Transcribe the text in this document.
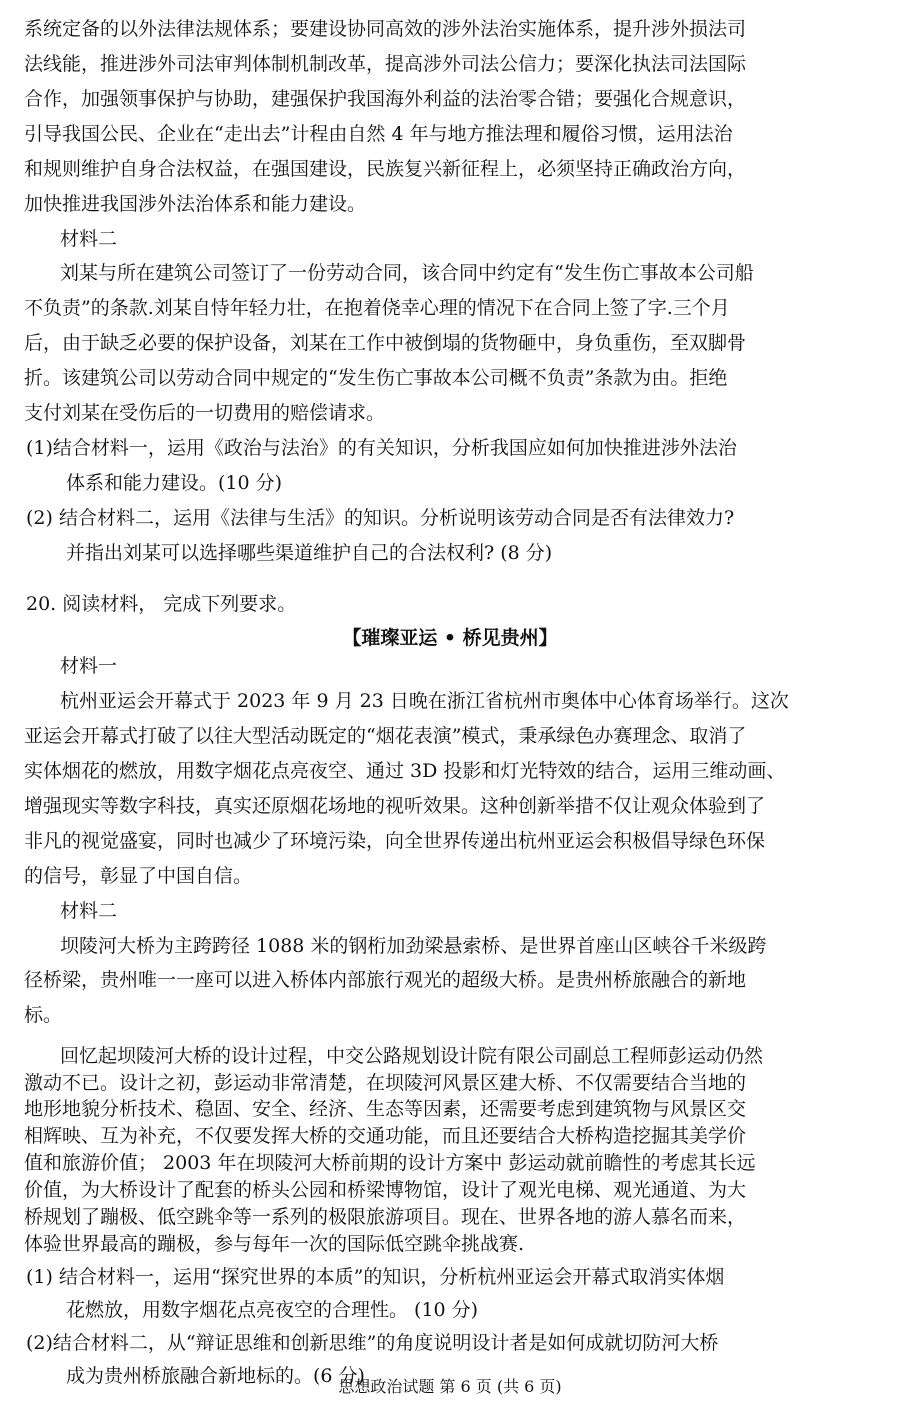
系统定备的以外法律法规体系；要建设协同高效的涉外法治实施体系，提升涉外损法司
法线能，推进涉外司法审判体制机制改革，提高涉外司法公信力；要深化执法司法国际
合作，加强领事保护与协助，建强保护我国海外利益的法治零合错；要强化合规意识，
引导我国公民、企业在“走出去”计程由自然 4 年与地方推法理和履俗习惯，运用法治
和规则维护自身合法权益，在强国建设，民族复兴新征程上，必须坚持正确政治方向，
加快推进我国涉外法治体系和能力建设。
材料二
刘某与所在建筑公司签订了一份劳动合同，该合同中约定有“发生伤亡事故本公司船
不负责”的条款.刘某自恃年轻力壮，在抱着侥幸心理的情况下在合同上签了字.三个月
后，由于缺乏必要的保护设备，刘某在工作中被倒塌的货物砸中，身负重伤，至双脚骨
折。该建筑公司以劳动合同中规定的“发生伤亡事故本公司概不负责”条款为由。拒绝
支付刘某在受伤后的一切费用的赔偿请求。
(1)结合材料一，运用《政治与法治》的有关知识，分析我国应如何加快推进涉外法治
体系和能力建设。(10 分)
(2) 结合材料二，运用《法律与生活》的知识。分析说明该劳动合同是否有法律效力?
并指出刘某可以选择哪些渠道维护自己的合法权利? (8 分)
20. 阅读材料， 完成下列要求。
【璀璨亚运 • 桥见贵州】
材料一
杭州亚运会开幕式于 2023 年 9 月 23 日晚在浙江省杭州市奥体中心体育场举行。这次
亚运会开幕式打破了以往大型活动既定的“烟花表演”模式，秉承绿色办赛理念、取消了
实体烟花的燃放，用数字烟花点亮夜空、通过 3D 投影和灯光特效的结合，运用三维动画、
增强现实等数字科技，真实还原烟花场地的视听效果。这种创新举措不仅让观众体验到了
非凡的视觉盛宴，同时也减少了环境污染，向全世界传递出杭州亚运会积极倡导绿色环保
的信号，彰显了中国自信。
材料二
坝陵河大桥为主跨跨径 1088 米的钢桁加劲梁悬索桥、是世界首座山区峡谷千米级跨
径桥梁，贵州唯一一座可以进入桥体内部旅行观光的超级大桥。是贵州桥旅融合的新地
标。
回忆起坝陵河大桥的设计过程，中交公路规划设计院有限公司副总工程师彭运动仍然
激动不已。设计之初，彭运动非常清楚，在坝陵河风景区建大桥、不仅需要结合当地的
地形地貌分析技术、稳固、安全、经济、生态等因素，还需要考虑到建筑物与风景区交
相辉映、互为补充，不仅要发挥大桥的交通功能，而且还要结合大桥构造挖掘其美学价
值和旅游价值； 2003 年在坝陵河大桥前期的设计方案中 彭运动就前瞻性的考虑其长远
价值，为大桥设计了配套的桥头公园和桥梁博物馆，设计了观光电梯、观光通道、为大
桥规划了蹦极、低空跳伞等一系列的极限旅游项目。现在、世界各地的游人慕名而来，
体验世界最高的蹦极，参与每年一次的国际低空跳伞挑战赛.
(1) 结合材料一，运用“探究世界的本质”的知识，分析杭州亚运会开幕式取消实体烟
花燃放，用数字烟花点亮夜空的合理性。 (10 分)
(2)结合材料二，从“辩证思维和创新思维”的角度说明设计者是如何成就切防河大桥
成为贵州桥旅融合新地标的。(6 分)
思想政治试题 第 6 页 (共 6 页)
